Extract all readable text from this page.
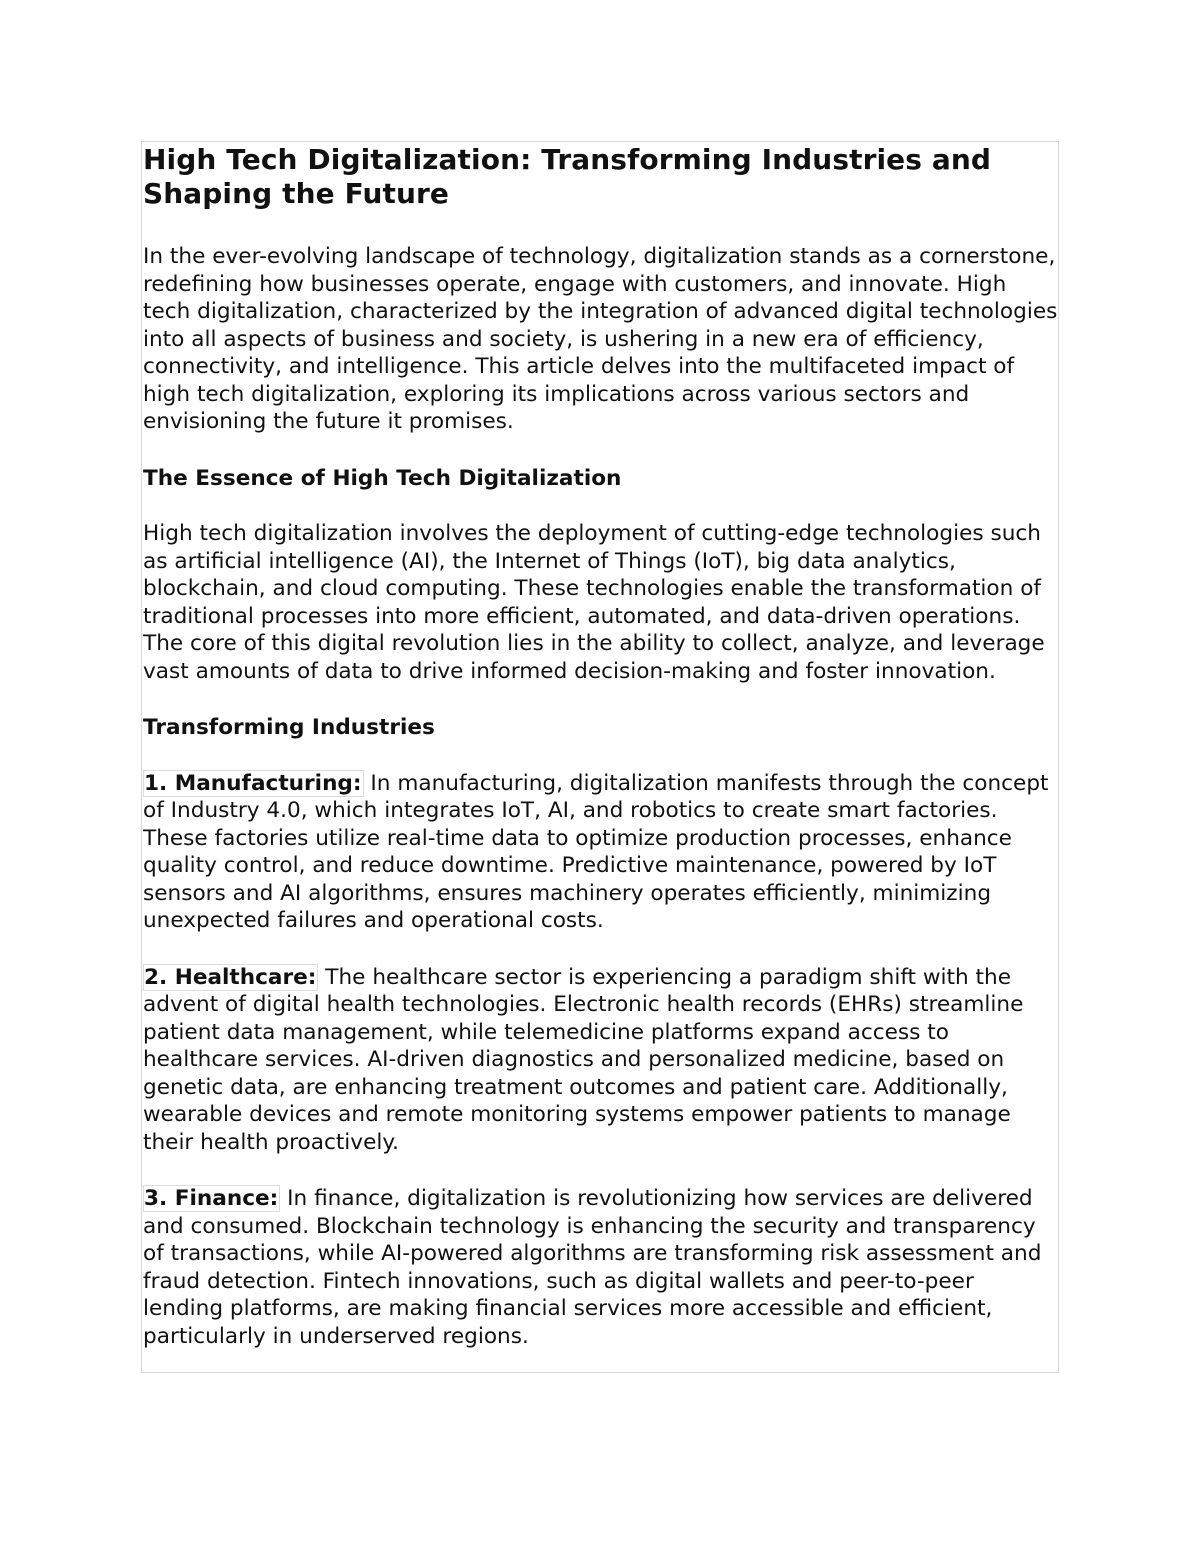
High Tech Digitalization: Transforming Industries and Shaping the Future

In the ever-evolving landscape of technology, digitalization stands as a cornerstone, redefining how businesses operate, engage with customers, and innovate. High tech digitalization, characterized by the integration of advanced digital technologies into all aspects of business and society, is ushering in a new era of efficiency, connectivity, and intelligence. This article delves into the multifaceted impact of high tech digitalization, exploring its implications across various sectors and envisioning the future it promises.

The Essence of High Tech Digitalization

High tech digitalization involves the deployment of cutting-edge technologies such as artificial intelligence (AI), the Internet of Things (IoT), big data analytics, blockchain, and cloud computing. These technologies enable the transformation of traditional processes into more efficient, automated, and data-driven operations. The core of this digital revolution lies in the ability to collect, analyze, and leverage vast amounts of data to drive informed decision-making and foster innovation.

Transforming Industries

1. Manufacturing: In manufacturing, digitalization manifests through the concept of Industry 4.0, which integrates IoT, AI, and robotics to create smart factories. These factories utilize real-time data to optimize production processes, enhance quality control, and reduce downtime. Predictive maintenance, powered by IoT sensors and AI algorithms, ensures machinery operates efficiently, minimizing unexpected failures and operational costs.

2. Healthcare: The healthcare sector is experiencing a paradigm shift with the advent of digital health technologies. Electronic health records (EHRs) streamline patient data management, while telemedicine platforms expand access to healthcare services. AI-driven diagnostics and personalized medicine, based on genetic data, are enhancing treatment outcomes and patient care. Additionally, wearable devices and remote monitoring systems empower patients to manage their health proactively.

3. Finance: In finance, digitalization is revolutionizing how services are delivered and consumed. Blockchain technology is enhancing the security and transparency of transactions, while AI-powered algorithms are transforming risk assessment and fraud detection. Fintech innovations, such as digital wallets and peer-to-peer lending platforms, are making financial services more accessible and efficient, particularly in underserved regions.
